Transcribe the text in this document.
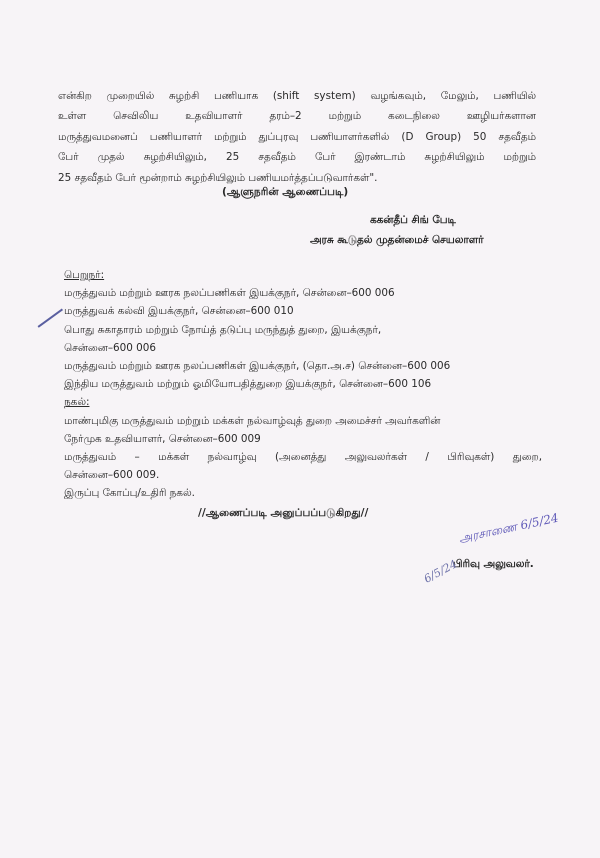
என்கிற முறையில் சுழற்சி பணியாக (shift system) வழங்கவும், மேலும், பணியில்
உள்ள செவிலிய உதவியாளர் தரம்–2 மற்றும் கடைநிலை ஊழியர்களான
மருத்துவமனைப் பணியாளர் மற்றும் துப்புரவு பணியாளர்களில் (D Group) 50 சதவீதம்
பேர் முதல் சுழற்சியிலும், 25 சதவீதம் பேர் இரண்டாம் சுழற்சியிலும் மற்றும்
25 சதவீதம் பேர் மூன்றாம் சுழற்சியிலும் பணியமர்த்தப்படுவார்கள்".
(ஆளுநரின் ஆணைப்படி)
ககன்தீப் சிங் பேடி
அரசு கூடுதல் முதன்மைச் செயலாளர்
பெறுநர்:
மருத்துவம் மற்றும் ஊரக நலப்பணிகள் இயக்குநர், சென்னை–600 006
மருத்துவக் கல்வி இயக்குநர், சென்னை–600 010
பொது சுகாதாரம் மற்றும் நோய்த் தடுப்பு மருந்துத் துறை, இயக்குநர்,
சென்னை–600 006
மருத்துவம் மற்றும் ஊரக நலப்பணிகள் இயக்குநர், (தொ.அ.ச) சென்னை–600 006
இந்திய மருத்துவம் மற்றும் ஓமியோபதித்துறை இயக்குநர், சென்னை–600 106
நகல்:
மாண்புமிகு மருத்துவம் மற்றும் மக்கள் நல்வாழ்வுத் துறை அமைச்சர் அவர்களின்
நேர்முக உதவியாளர், சென்னை–600 009
மருத்துவம் – மக்கள் நல்வாழ்வு (அனைத்து அலுவலர்கள் / பிரிவுகள்) துறை,
சென்னை–600 009.
இருப்பு கோப்பு/உதிரி நகல்.
//ஆணைப்படி அனுப்பப்படுகிறது//	அரசாணை 6/5/24
பிரிவு அலுவலர்.
6/5/24
